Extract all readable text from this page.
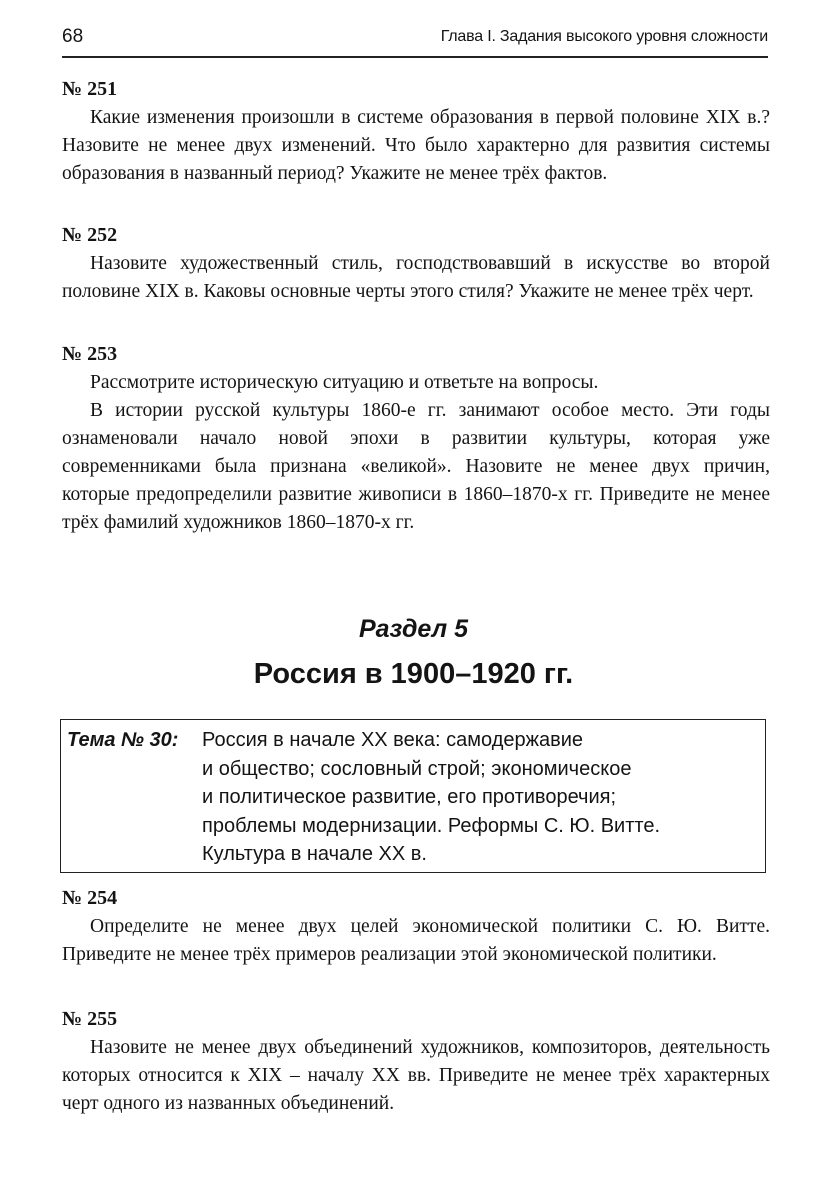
68	Глава I. Задания высокого уровня сложности
№ 251

Какие изменения произошли в системе образования в первой половине XIX в.? Назовите не менее двух изменений. Что было характерно для развития системы образования в названный период? Укажите не менее трёх фактов.

№ 252

Назовите художественный стиль, господствовавший в искусстве во второй половине XIX в. Каковы основные черты этого стиля? Укажите не менее трёх черт.

№ 253

Рассмотрите историческую ситуацию и ответьте на вопросы.

В истории русской культуры 1860-е гг. занимают особое место. Эти годы ознаменовали начало новой эпохи в развитии культуры, которая уже современниками была признана «великой». Назовите не менее двух причин, которые предопределили развитие живописи в 1860–1870-х гг. Приведите не менее трёх фамилий художников 1860–1870-х гг.

Раздел 5
Россия в 1900–1920 гг.
Тема № 30: Россия в начале XX века: самодержавие
и общество; сословный строй; экономическое
и политическое развитие, его противоречия;
проблемы модернизации. Реформы С. Ю. Витте.
Культура в начале XX в.
№ 254

Определите не менее двух целей экономической политики С. Ю. Витте. Приведите не менее трёх примеров реализации этой экономической политики.

№ 255

Назовите не менее двух объединений художников, композиторов, деятельность которых относится к XIX – началу XX вв. Приведите не менее трёх характерных черт одного из названных объединений.
